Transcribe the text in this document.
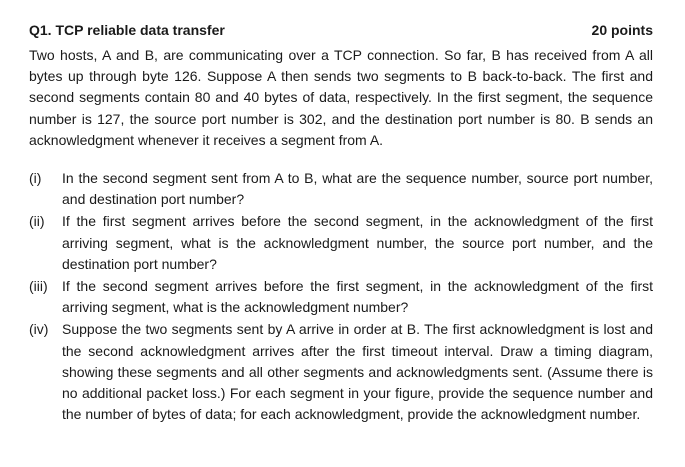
Q1. TCP reliable data transfer	20 points

Two hosts, A and B, are communicating over a TCP connection. So far, B has received from A all bytes up through byte 126. Suppose A then sends two segments to B back-to-back. The first and second segments contain 80 and 40 bytes of data, respectively. In the first segment, the sequence number is 127, the source port number is 302, and the destination port number is 80. B sends an acknowledgment whenever it receives a segment from A.

(i)	In the second segment sent from A to B, what are the sequence number, source port number, and destination port number?
(ii)	If the first segment arrives before the second segment, in the acknowledgment of the first arriving segment, what is the acknowledgment number, the source port number, and the destination port number?
(iii)	If the second segment arrives before the first segment, in the acknowledgment of the first arriving segment, what is the acknowledgment number?
(iv) Suppose the two segments sent by A arrive in order at B. The first acknowledgment is lost and the second acknowledgment arrives after the first timeout interval. Draw a timing diagram, showing these segments and all other segments and acknowledgments sent. (Assume there is no additional packet loss.) For each segment in your figure, provide the sequence number and the number of bytes of data; for each acknowledgment, provide the acknowledgment number.
